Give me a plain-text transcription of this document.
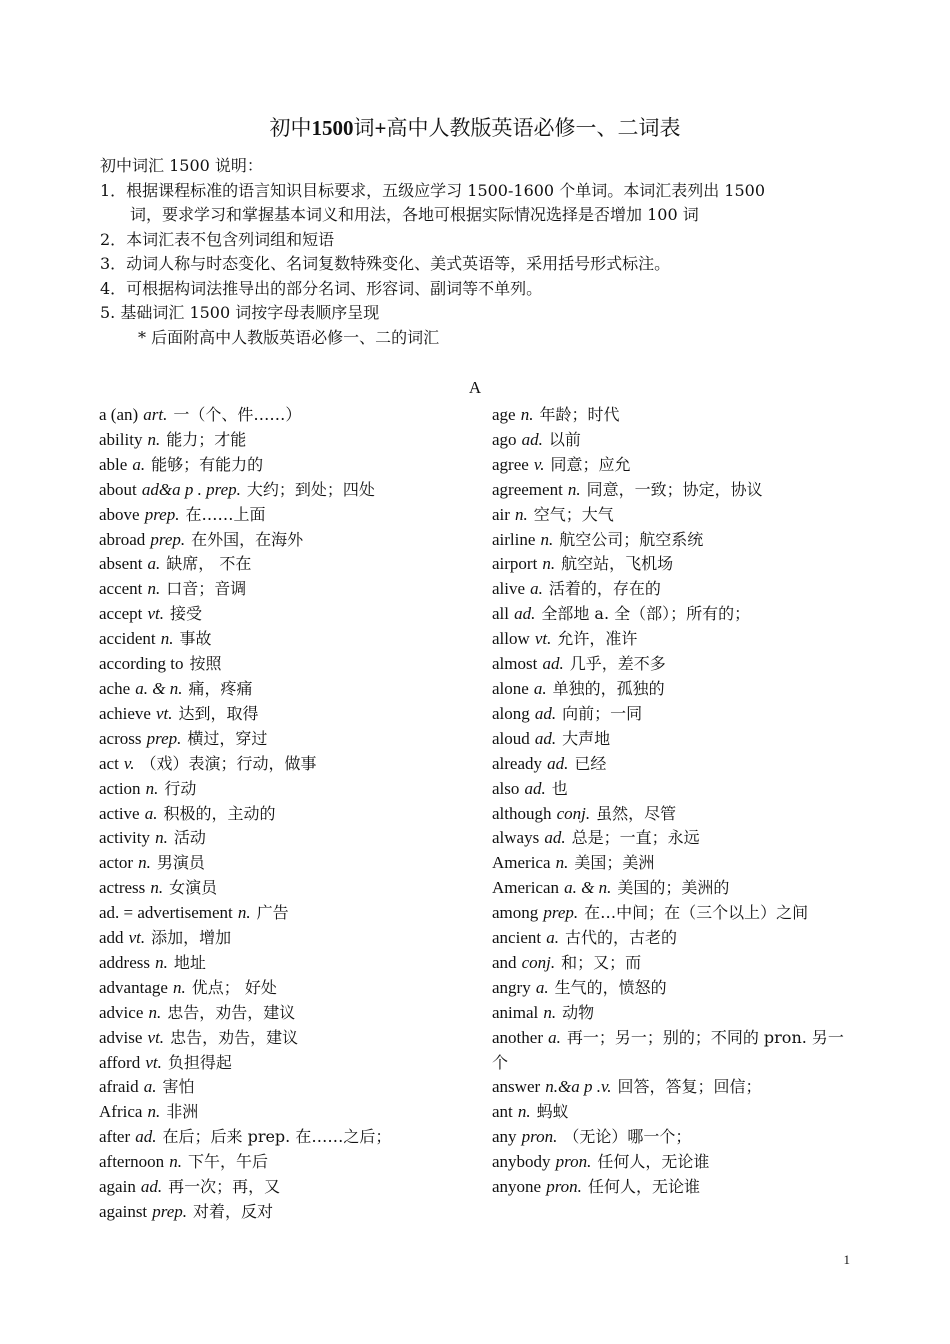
初中1500词+高中人教版英语必修一、二词表
初中词汇 1500 说明：
1．根据课程标准的语言知识目标要求，五级应学习 1500-1600 个单词。本词汇表列出 1500
词，要求学习和掌握基本词义和用法，各地可根据实际情况选择是否增加 100 词
2．本词汇表不包含列词组和短语
3．动词人称与时态变化、名词复数特殊变化、美式英语等，采用括号形式标注。
4．可根据构词法推导出的部分名词、形容词、副词等不单列。
5. 基础词汇 1500 词按字母表顺序呈现
* 后面附高中人教版英语必修一、二的词汇
A
a (an) art. 一（个、件……）
ability n. 能力；才能
able a. 能够；有能力的
about ad&a p . prep. 大约；到处；四处
above prep. 在……上面
abroad prep. 在外国，在海外
absent a. 缺席， 不在
accent n. 口音；音调
accept vt. 接受
accident n. 事故
according to 按照
ache a. & n. 痛，疼痛
achieve vt. 达到，取得
across prep. 横过，穿过
act v. （戏）表演；行动，做事
action n. 行动
active a. 积极的，主动的
activity n. 活动
actor n. 男演员
actress n. 女演员
ad. = advertisement n. 广告
add vt. 添加，增加
address n. 地址
advantage n. 优点； 好处
advice n. 忠告，劝告，建议
advise vt. 忠告，劝告，建议
afford vt. 负担得起
afraid a. 害怕
Africa n. 非洲
after ad. 在后；后来 prep. 在……之后；
afternoon n. 下午，午后
again ad. 再一次；再，又
against prep. 对着，反对
age n. 年龄；时代
ago ad. 以前
agree v. 同意；应允
agreement n. 同意，一致；协定，协议
air n. 空气；大气
airline n. 航空公司；航空系统
airport n. 航空站，飞机场
alive a. 活着的，存在的
all ad. 全部地 a. 全（部）；所有的；
allow vt. 允许，准许
almost ad. 几乎，差不多
alone a. 单独的，孤独的
along ad. 向前；一同
aloud ad. 大声地
already ad. 已经
also ad. 也
although conj. 虽然，尽管
always ad. 总是；一直；永远
America n. 美国；美洲
American a. & n. 美国的；美洲的
among prep. 在…中间；在（三个以上）之间
ancient a. 古代的，古老的
and conj. 和；又；而
angry a. 生气的，愤怒的
animal n. 动物
another a. 再一；另一；别的；不同的 pron. 另一个
answer n.&a p .v. 回答，答复；回信；
ant n. 蚂蚁
any pron. （无论）哪一个；
anybody pron. 任何人，无论谁
anyone pron. 任何人，无论谁
1
